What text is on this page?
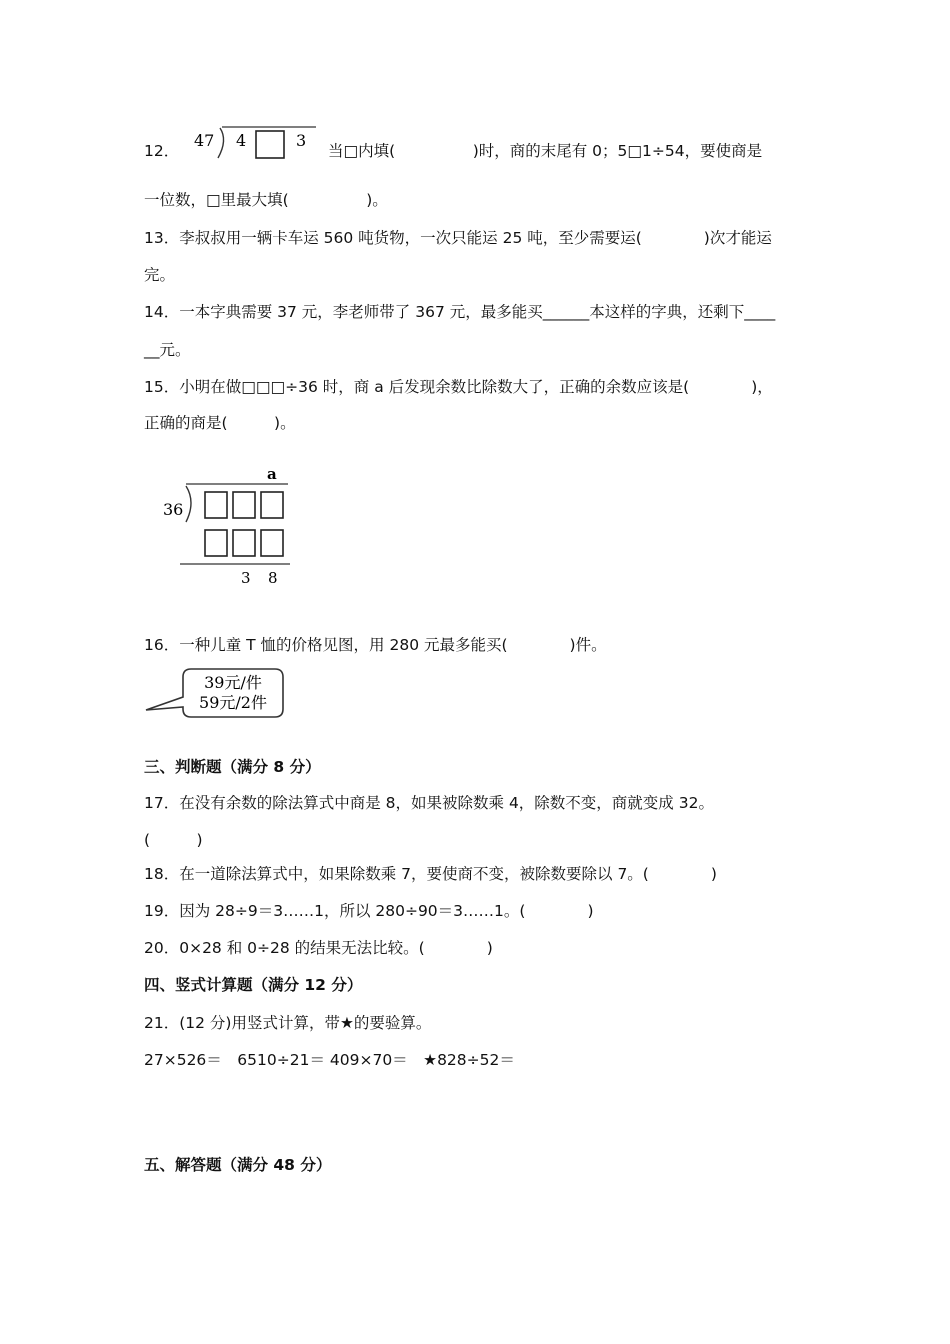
12．
47 4	3
当□内填(　　　　　)时，商的末尾有 0；5□1÷54，要使商是
一位数，□里最大填(　　　　　)。
13．李叔叔用一辆卡车运 560 吨货物，一次只能运 25 吨，至少需要运(　　　　)次才能运
完。
14．一本字典需要 37 元，李老师带了 367 元，最多能买______本这样的字典，还剩下____
__元。
15．小明在做□□□÷36 时，商 a 后发现余数比除数大了，正确的余数应该是(　　　　)，
正确的商是(　　　)。
a
36
3 8
16．一种儿童 T 恤的价格见图，用 280 元最多能买(　　　　)件。
39元/件
59元/2件
三、判断题（满分 8 分）
17．在没有余数的除法算式中商是 8，如果被除数乘 4，除数不变，商就变成 32。
(　　　)
18．在一道除法算式中，如果除数乘 7，要使商不变，被除数要除以 7。(　　　　)
19．因为 28÷9＝3……1，所以 280÷90＝3……1。(　　　　)
20．0×28 和 0÷28 的结果无法比较。(　　　　)
四、竖式计算题（满分 12 分）
21．(12 分)用竖式计算，带★的要验算。
27×526＝　6510÷21＝ 409×70＝　★828÷52＝
五、解答题（满分 48 分）
